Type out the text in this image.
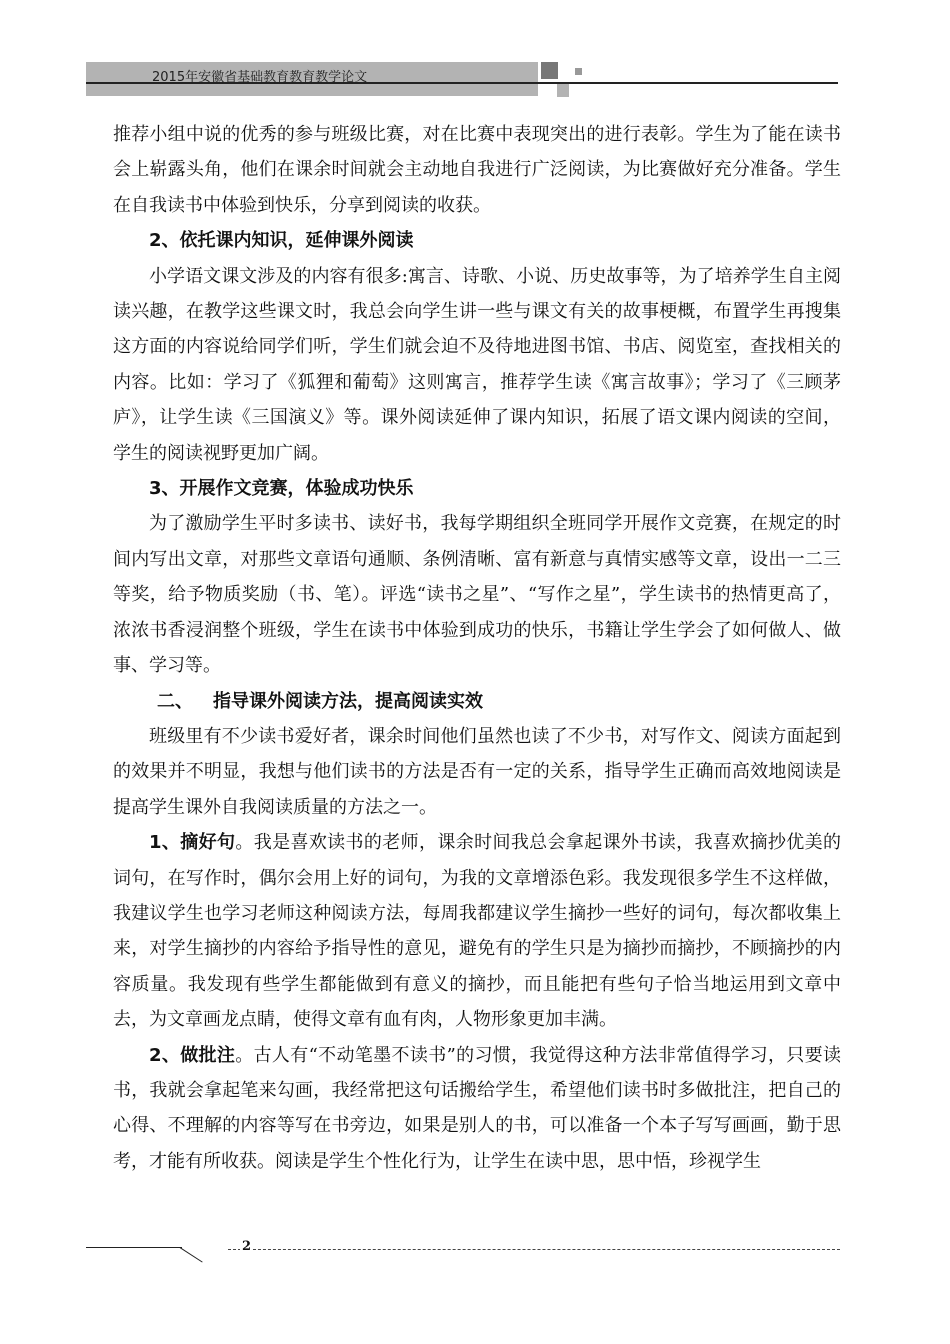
2015年安徽省基础教育教育教学论文

推荐小组中说的优秀的参与班级比赛，对在比赛中表现突出的进行表彰。学生为了能在读书会上崭露头角，他们在课余时间就会主动地自我进行广泛阅读，为比赛做好充分准备。学生在自我读书中体验到快乐，分享到阅读的收获。

2、依托课内知识，延伸课外阅读

小学语文课文涉及的内容有很多:寓言、诗歌、小说、历史故事等，为了培养学生自主阅读兴趣，在教学这些课文时，我总会向学生讲一些与课文有关的故事梗概，布置学生再搜集这方面的内容说给同学们听，学生们就会迫不及待地进图书馆、书店、阅览室，查找相关的内容。比如：学习了《狐狸和葡萄》这则寓言，推荐学生读《寓言故事》；学习了《三顾茅庐》，让学生读《三国演义》等。课外阅读延伸了课内知识，拓展了语文课内阅读的空间，学生的阅读视野更加广阔。

3、开展作文竞赛，体验成功快乐

为了激励学生平时多读书、读好书，我每学期组织全班同学开展作文竞赛，在规定的时间内写出文章，对那些文章语句通顺、条例清晰、富有新意与真情实感等文章，设出一二三等奖，给予物质奖励（书、笔）。评选“读书之星”、“写作之星”，学生读书的热情更高了，浓浓书香浸润整个班级，学生在读书中体验到成功的快乐，书籍让学生学会了如何做人、做事、学习等。

二、 指导课外阅读方法，提高阅读实效

班级里有不少读书爱好者，课余时间他们虽然也读了不少书，对写作文、阅读方面起到的效果并不明显，我想与他们读书的方法是否有一定的关系，指导学生正确而高效地阅读是提高学生课外自我阅读质量的方法之一。

1、摘好句。我是喜欢读书的老师，课余时间我总会拿起课外书读，我喜欢摘抄优美的词句，在写作时，偶尔会用上好的词句，为我的文章增添色彩。我发现很多学生不这样做，我建议学生也学习老师这种阅读方法，每周我都建议学生摘抄一些好的词句，每次都收集上来，对学生摘抄的内容给予指导性的意见，避免有的学生只是为摘抄而摘抄，不顾摘抄的内容质量。我发现有些学生都能做到有意义的摘抄，而且能把有些句子恰当地运用到文章中去，为文章画龙点睛，使得文章有血有肉，人物形象更加丰满。

2、做批注。古人有“不动笔墨不读书”的习惯，我觉得这种方法非常值得学习，只要读书，我就会拿起笔来勾画，我经常把这句话搬给学生，希望他们读书时多做批注，把自己的心得、不理解的内容等写在书旁边，如果是别人的书，可以准备一个本子写写画画，勤于思考，才能有所收获。阅读是学生个性化行为，让学生在读中思，思中悟，珍视学生

2
